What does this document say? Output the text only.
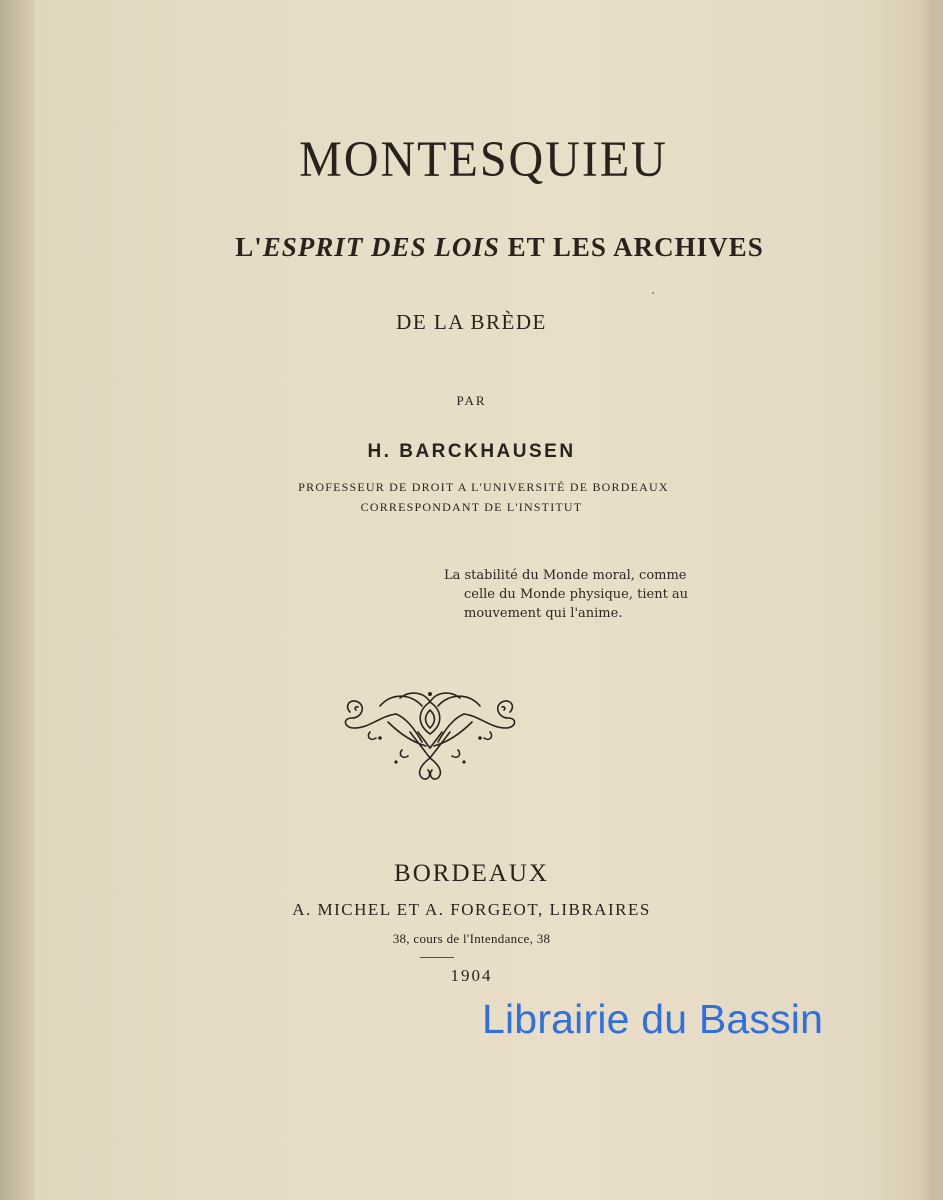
MONTESQUIEU
L'ESPRIT DES LOIS ET LES ARCHIVES
DE LA BRÈDE
PAR
H. BARCKHAUSEN
PROFESSEUR DE DROIT A L'UNIVERSITÉ DE BORDEAUX
CORRESPONDANT DE L'INSTITUT
La stabilité du Monde moral, comme
celle du Monde physique, tient au
mouvement qui l'anime.
BORDEAUX
A. MICHEL ET A. FORGEOT, LIBRAIRES
38, cours de l'Intendance, 38
1904
Librairie du Bassin
